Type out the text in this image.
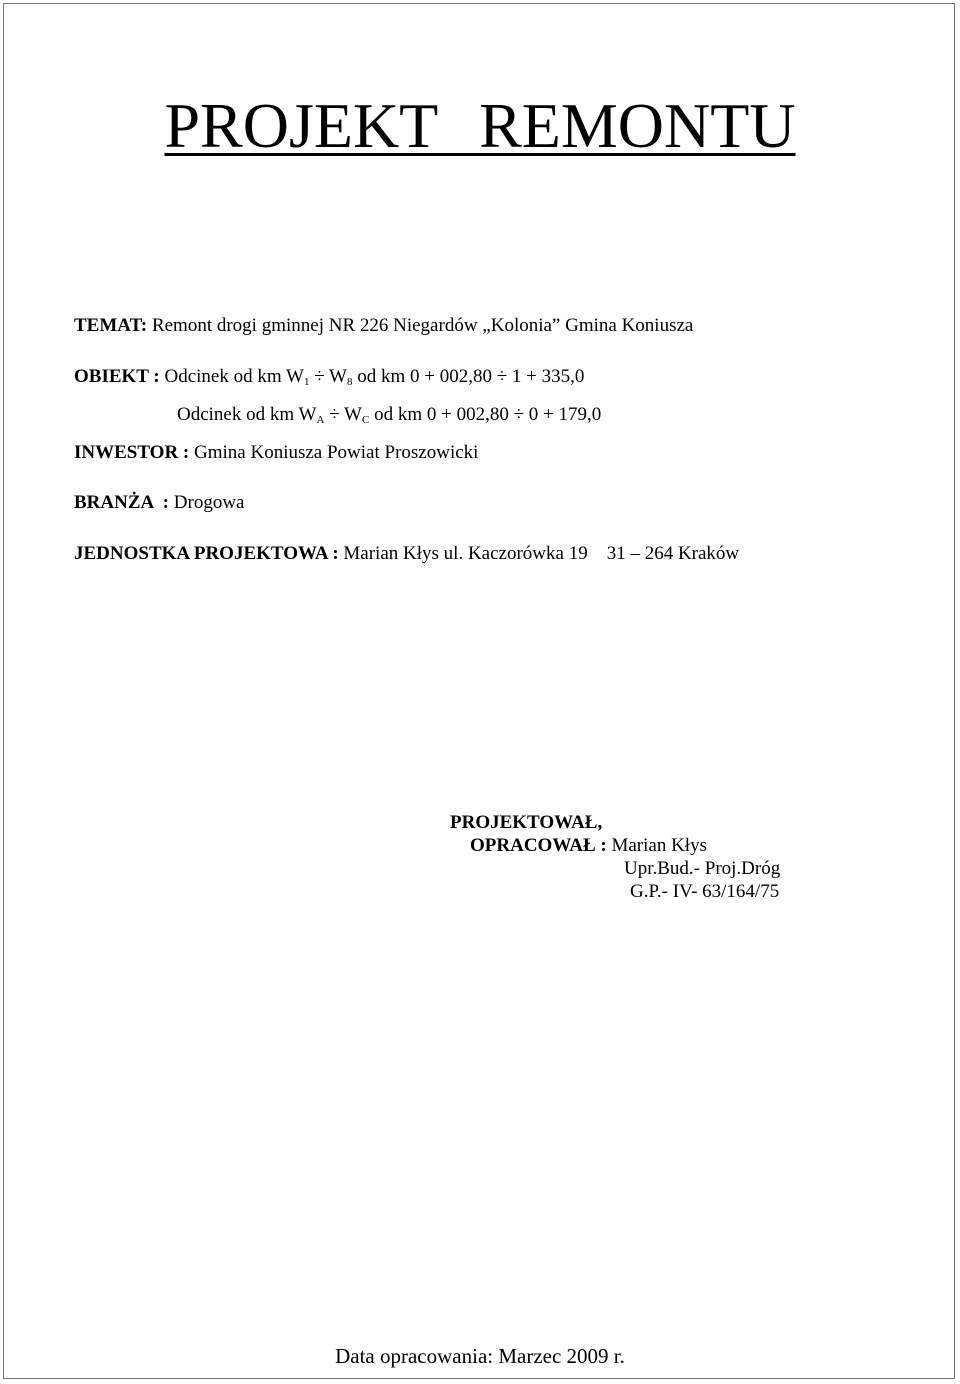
PROJEKT REMONTU
TEMAT: Remont drogi gminnej NR 226 Niegardów „Kolonia” Gmina Koniusza
OBIEKT : Odcinek od km $W_1 \div W_8$ od km 0 + 002,80 ÷ 1 + 335,0
Odcinek od km $W_A \div W_C$ od km 0 + 002,80 ÷ 0 + 179,0
INWESTOR : Gmina Koniusza Powiat Proszowicki
BRANŻA  : Drogowa
JEDNOSTKA PROJEKTOWA : Marian Kłys ul. Kaczorówka 19    31 – 264 Kraków
PROJEKTOWAŁ,
OPRACOWAŁ : Marian Kłys
Upr.Bud.- Proj.Dróg
G.P.- IV- 63/164/75
Data opracowania: Marzec 2009 r.
